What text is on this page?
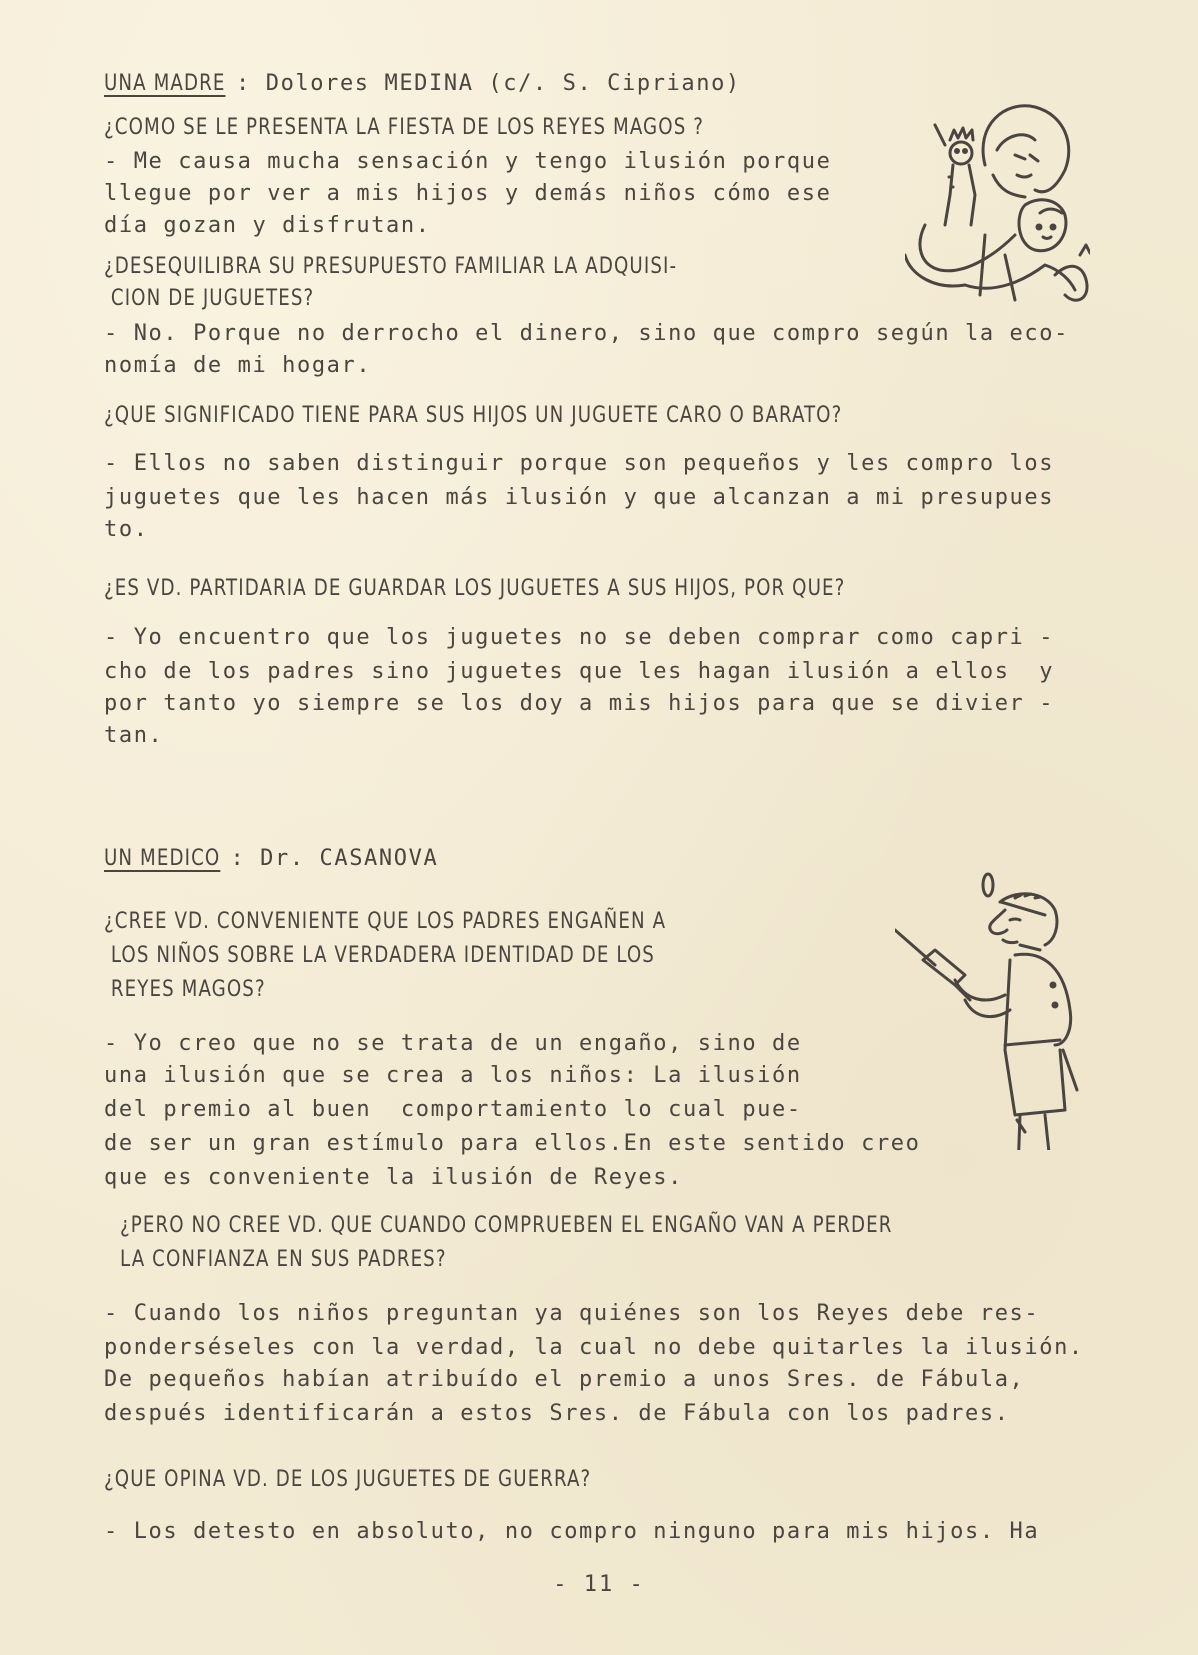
UNA MADRE : Dolores MEDINA (c/. S. Cipriano)
¿COMO SE LE PRESENTA LA FIESTA DE LOS REYES MAGOS ?
- Me causa mucha sensación y tengo ilusión porque
llegue por ver a mis hijos y demás niños cómo ese
día gozan y disfrutan.
¿DESEQUILIBRA SU PRESUPUESTO FAMILIAR LA ADQUISI-
CION DE JUGUETES?
- No. Porque no derrocho el dinero, sino que compro según la eco-
nomía de mi hogar.
¿QUE SIGNIFICADO TIENE PARA SUS HIJOS UN JUGUETE CARO O BARATO?
- Ellos no saben distinguir porque son pequeños y les compro los
juguetes que les hacen más ilusión y que alcanzan a mi presupues
to.
¿ES VD. PARTIDARIA DE GUARDAR LOS JUGUETES A SUS HIJOS, POR QUE?
- Yo encuentro que los juguetes no se deben comprar como capri -
cho de los padres sino juguetes que les hagan ilusión a ellos  y
por tanto yo siempre se los doy a mis hijos para que se divier -
tan.
UN MEDICO : Dr. CASANOVA
¿CREE VD. CONVENIENTE QUE LOS PADRES ENGAÑEN A
LOS NIÑOS SOBRE LA VERDADERA IDENTIDAD DE LOS
REYES MAGOS?
- Yo creo que no se trata de un engaño, sino de
una ilusión que se crea a los niños: La ilusión
del premio al buen  comportamiento lo cual pue-
de ser un gran estímulo para ellos.En este sentido creo
que es conveniente la ilusión de Reyes.
¿PERO NO CREE VD. QUE CUANDO COMPRUEBEN EL ENGAÑO VAN A PERDER
LA CONFIANZA EN SUS PADRES?
- Cuando los niños preguntan ya quiénes son los Reyes debe res-
ponderséseles con la verdad, la cual no debe quitarles la ilusión.
De pequeños habían atribuído el premio a unos Sres. de Fábula,
después identificarán a estos Sres. de Fábula con los padres.
¿QUE OPINA VD. DE LOS JUGUETES DE GUERRA?
- Los detesto en absoluto, no compro ninguno para mis hijos. Ha
- 11 -
